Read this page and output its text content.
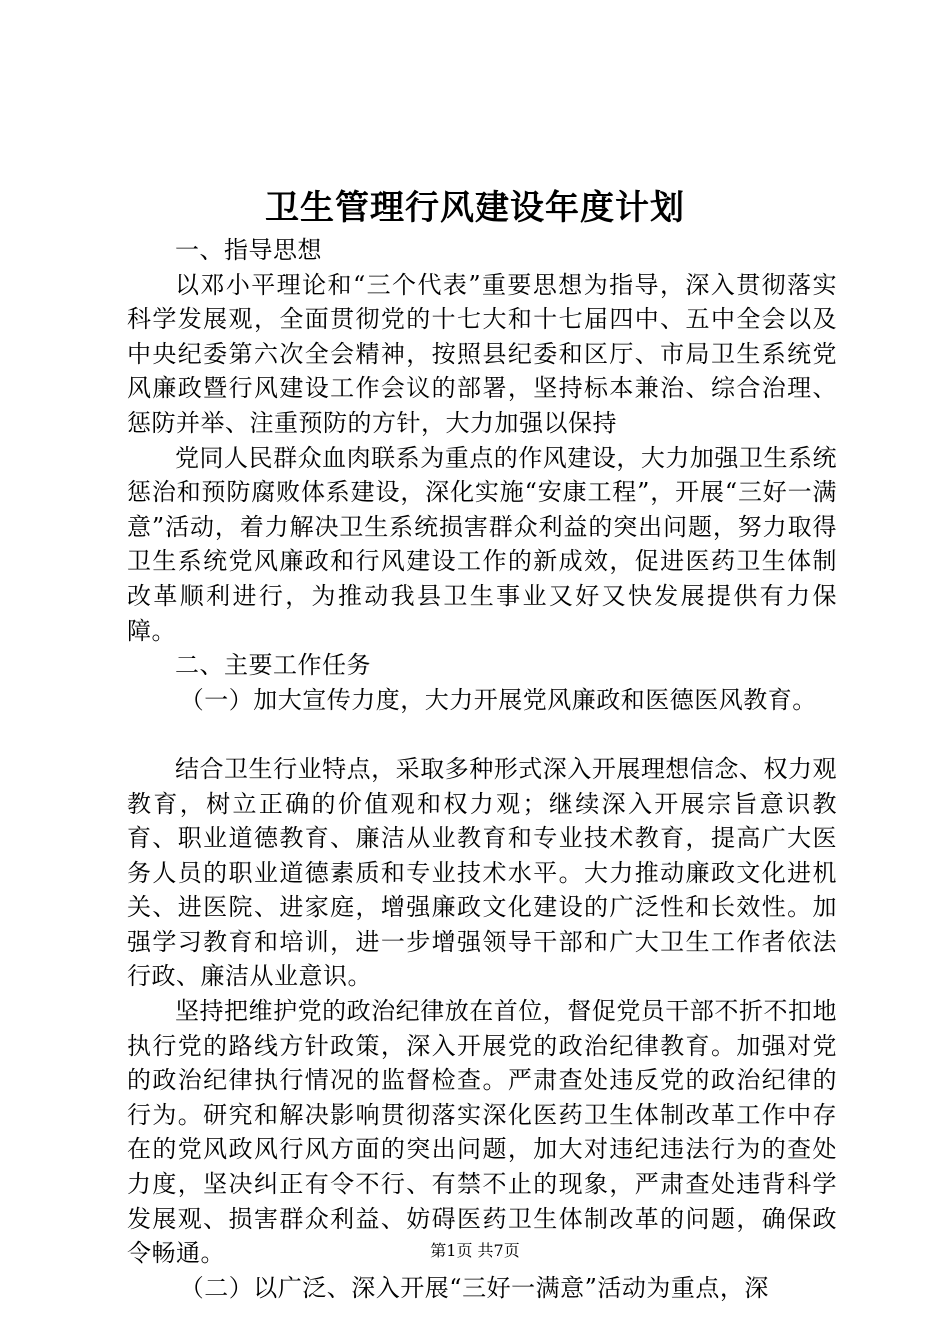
卫生管理行风建设年度计划

一、指导思想

以邓小平理论和“三个代表”重要思想为指导，深入贯彻落实科学发展观，全面贯彻党的十七大和十七届四中、五中全会以及中央纪委第六次全会精神，按照县纪委和区厅、市局卫生系统党风廉政暨行风建设工作会议的部署，坚持标本兼治、综合治理、惩防并举、注重预防的方针，大力加强以保持

党同人民群众血肉联系为重点的作风建设，大力加强卫生系统惩治和预防腐败体系建设，深化实施“安康工程”，开展“三好一满意”活动，着力解决卫生系统损害群众利益的突出问题，努力取得卫生系统党风廉政和行风建设工作的新成效，促进医药卫生体制改革顺利进行，为推动我县卫生事业又好又快发展提供有力保障。

二、主要工作任务

（一）加大宣传力度，大力开展党风廉政和医德医风教育。

结合卫生行业特点，采取多种形式深入开展理想信念、权力观教育，树立正确的价值观和权力观；继续深入开展宗旨意识教育、职业道德教育、廉洁从业教育和专业技术教育，提高广大医务人员的职业道德素质和专业技术水平。大力推动廉政文化进机关、进医院、进家庭，增强廉政文化建设的广泛性和长效性。加强学习教育和培训，进一步增强领导干部和广大卫生工作者依法行政、廉洁从业意识。

坚持把维护党的政治纪律放在首位，督促党员干部不折不扣地执行党的路线方针政策，深入开展党的政治纪律教育。加强对党的政治纪律执行情况的监督检查。严肃查处违反党的政治纪律的行为。研究和解决影响贯彻落实深化医药卫生体制改革工作中存在的党风政风行风方面的突出问题，加大对违纪违法行为的查处力度，坚决纠正有令不行、有禁不止的现象，严肃查处违背科学发展观、损害群众利益、妨碍医药卫生体制改革的问题，确保政令畅通。

（二）以广泛、深入开展“三好一满意”活动为重点，深

第1页 共7页
